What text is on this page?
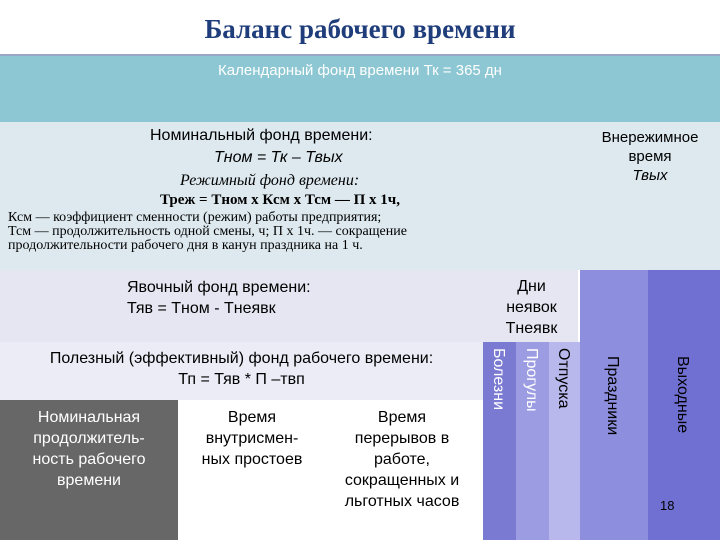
Баланс рабочего времени
Календарный фонд времени Тк = 365 дн
Внережимное
время
Твых
Номинальный фонд времени:
Тном = Тк – Твых
Режимный фонд времени:
Треж = Тном х Ксм х Тсм — П х 1ч,
Ксм — коэффициент сменности (режим) работы предприятия;
Тсм — продолжительность одной смены, ч; П х 1ч. — сокращение
продолжительности рабочего дня в канун праздника на 1 ч.
Явочный фонд времени:
Тяв = Тном - Тнеявк
Дни
неявок
Тнеявк
Полезный (эффективный) фонд рабочего времени:
Тп = Тяв * П –твп
Номинальная
продолжитель-
ность рабочего
времени
Время
внутрисмен-
ных простоев
Время
перерывов в
работе,
сокращенных и
льготных часов
Болезни Прогулы Отпуска Праздники	Выходные
18
